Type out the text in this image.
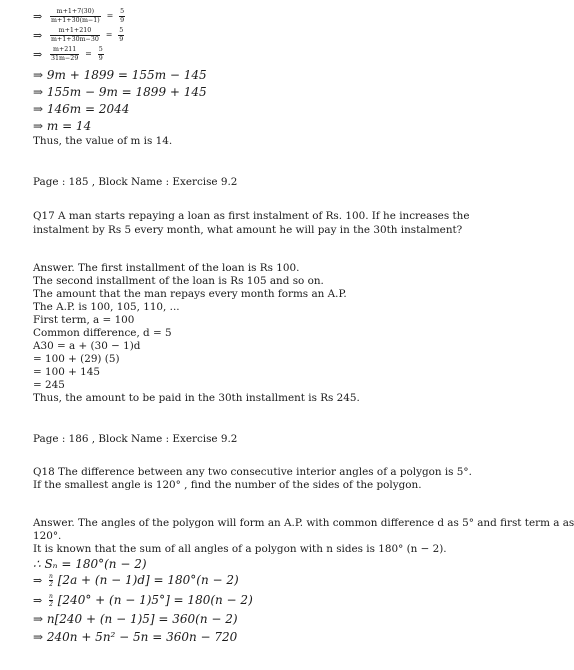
⇒ $\frac{m+1+7(30)}{m+1+30(m-1)} = \frac{5}{9}$
⇒ $\frac{m+1+210}{m+1+30m-30} = \frac{5}{9}$
⇒ $\frac{m+211}{31m-29} = \frac{5}{9}$
⇒ 9m + 1899 = 155m − 145
⇒ 155m − 9m = 1899 + 145
⇒ 146m = 2044
⇒ m = 14
Thus, the value of m is 14.
Page : 185 , Block Name : Exercise 9.2
Q17 A man starts repaying a loan as first instalment of Rs. 100. If he increases the
instalment by Rs 5 every month, what amount he will pay in the 30th instalment?
Answer. The first installment of the loan is Rs 100.
The second installment of the loan is Rs 105 and so on.
The amount that the man repays every month forms an A.P.
The A.P. is 100, 105, 110, ...
First term, a = 100
Common difference, d = 5
A30 = a + (30 − 1)d
= 100 + (29) (5)
= 100 + 145
= 245
Thus, the amount to be paid in the 30th installment is Rs 245.
Page : 186 , Block Name : Exercise 9.2
Q18 The difference between any two consecutive interior angles of a polygon is 5°.
If the smallest angle is 120° , find the number of the sides of the polygon.
Answer. The angles of the polygon will form an A.P. with common difference d as 5° and first term a as
120°.
It is known that the sum of all angles of a polygon with n sides is 180° (n − 2).
∴ Sₙ = 180°(n − 2)
⇒ $\frac{n}{2} [2a + (n - 1)d] = 180^\circ(n - 2)$
⇒ $\frac{n}{2} [240^\circ + (n - 1)5^\circ] = 180(n - 2)$
⇒ n[240 + (n − 1)5] = 360(n − 2)
⇒ 240n + 5n² − 5n = 360n − 720
